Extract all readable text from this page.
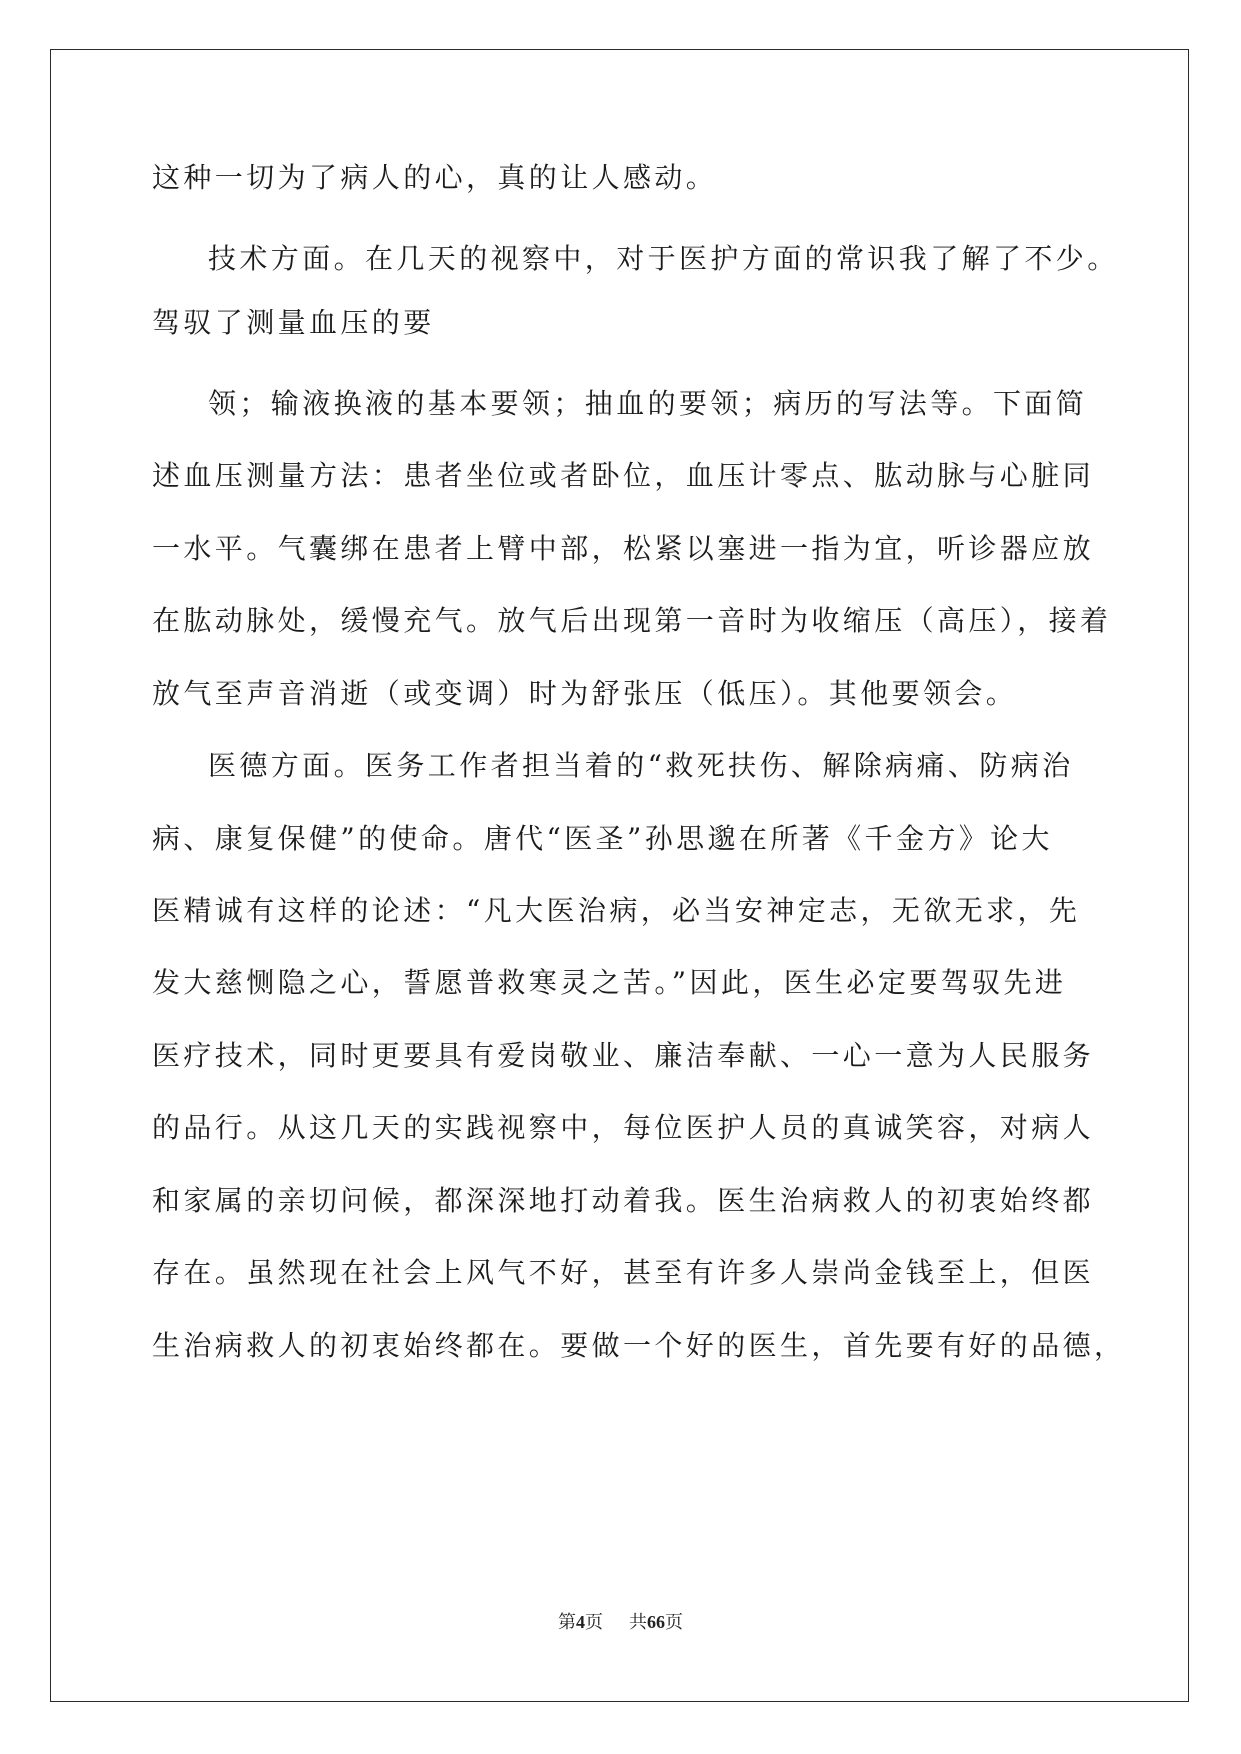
这种一切为了病人的心，真的让人感动。
技术方面。在几天的视察中，对于医护方面的常识我了解了不少。
驾驭了测量血压的要
领；输液换液的基本要领；抽血的要领；病历的写法等。下面简
述血压测量方法：患者坐位或者卧位，血压计零点、肱动脉与心脏同
一水平。气囊绑在患者上臂中部，松紧以塞进一指为宜，听诊器应放
在肱动脉处，缓慢充气。放气后出现第一音时为收缩压（高压），接着
放气至声音消逝（或变调）时为舒张压（低压）。其他要领会。
医德方面。医务工作者担当着的“救死扶伤、解除病痛、防病治
病、康复保健”的使命。唐代“医圣”孙思邈在所著《千金方》论大
医精诚有这样的论述：“凡大医治病，必当安神定志，无欲无求，先
发大慈恻隐之心，誓愿普救寒灵之苦。”因此，医生必定要驾驭先进
医疗技术，同时更要具有爱岗敬业、廉洁奉献、一心一意为人民服务
的品行。从这几天的实践视察中，每位医护人员的真诚笑容，对病人
和家属的亲切问候，都深深地打动着我。医生治病救人的初衷始终都
存在。虽然现在社会上风气不好，甚至有许多人崇尚金钱至上，但医
生治病救人的初衷始终都在。要做一个好的医生，首先要有好的品德，
第4页 共66页
